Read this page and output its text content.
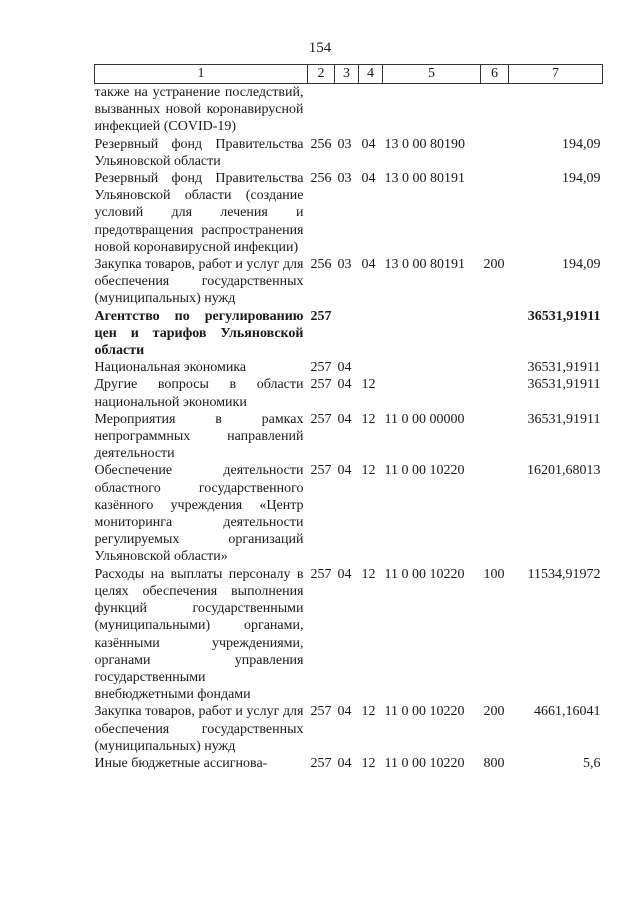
154
1	2	3	4	5	6	7
также на устранение последствий, вызванных новой коронавирусной инфекцией (COVID-19)						
Резервный фонд Правительства Ульяновской области	256	03	04	13 0 00 80190		194,09
Резервный фонд Правительства Ульяновской области (создание условий для лечения и предотвращения распространения новой коронавирусной инфекции)	256	03	04	13 0 00 80191		194,09
Закупка товаров, работ и услуг для обеспечения государственных (муниципальных) нужд	256	03	04	13 0 00 80191	200	194,09
Агентство по регулированию цен и тарифов Ульяновской области	257					36531,91911
Национальная экономика	257	04				36531,91911
Другие вопросы в области национальной экономики	257	04	12			36531,91911
Мероприятия в рамках непрограммных направлений деятельности	257	04	12	11 0 00 00000		36531,91911
Обеспечение деятельности областного государственного казённого учреждения «Центр мониторинга деятельности регулируемых организаций Ульяновской области»	257	04	12	11 0 00 10220		16201,68013
Расходы на выплаты персоналу в целях обеспечения выполнения функций государственными (муниципальными) органами, казёнными учреждениями, органами управления государственными внебюджетными фондами	257	04	12	11 0 00 10220	100	11534,91972
Закупка товаров, работ и услуг для обеспечения государственных (муниципальных) нужд	257	04	12	11 0 00 10220	200	4661,16041
Иные бюджетные ассигнова-	257	04	12	11 0 00 10220	800	5,6
